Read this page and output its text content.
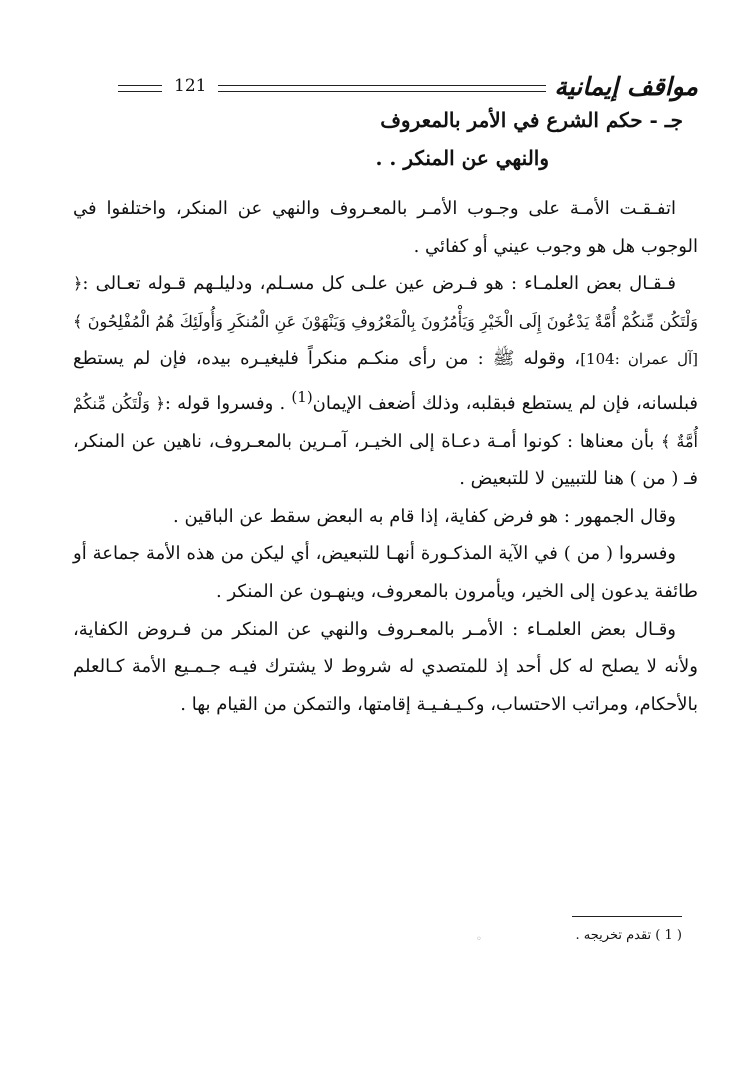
مواقف إيمانية
121
جـ - حكم الشرع في الأمر بالمعروف
والنهي عن المنكر . .

اتفـقـت الأمـة على وجـوب الأمـر بالمعـروف والنهي عن المنكر، واختلفوا في الوجوب هل هو وجوب عيني أو كفائي .

فـقـال بعض العلمـاء : هو فـرض عين علـى كل مسـلم، ودليلـهم قـوله تعـالى :﴿ وَلْتَكُن مِّنكُمْ أُمَّةٌ يَدْعُونَ إِلَى الْخَيْرِ وَيَأْمُرُونَ بِالْمَعْرُوفِ وَيَنْهَوْنَ عَنِ الْمُنكَرِ وَأُولَئِكَ هُمُ الْمُفْلِحُونَ ﴾ [آل عمران :104]، وقوله ﷺ : من رأى منكـم منكراً فليغيـره بيده، فإن لم يستطع فبلسانه، فإن لم يستطع فبقلبه، وذلك أضعف الإيمان$^{(1)}$ . وفسروا قوله :﴿ وَلْتَكُن مِّنكُمْ أُمَّةٌ ﴾ بأن معناها : كونوا أمـة دعـاة إلى الخيـر، آمـرين بالمعـروف، ناهين عن المنكر، فـ ( من ) هنا للتبيين لا للتبعيض .

وقال الجمهور : هو فرض كفاية، إذا قام به البعض سقط عن الباقين .

وفسروا ( من ) في الآية المذكـورة أنهـا للتبعيض، أي ليكن من هذه الأمة جماعة أو طائفة يدعون إلى الخير، ويأمرون بالمعروف، وينهـون عن المنكر .

وقـال بعض العلمـاء : الأمـر بالمعـروف والنهي عن المنكر من فـروض الكفاية، ولأنه لا يصلح له كل أحد إذ للمتصدي له شروط لا يشترك فيـه جـمـيع الأمة كـالعلم بالأحكام، ومراتب الاحتساب، وكـيـفـيـة إقامتها، والتمكن من القيام بها .

( 1 ) تقدم تخريجه .
◦
